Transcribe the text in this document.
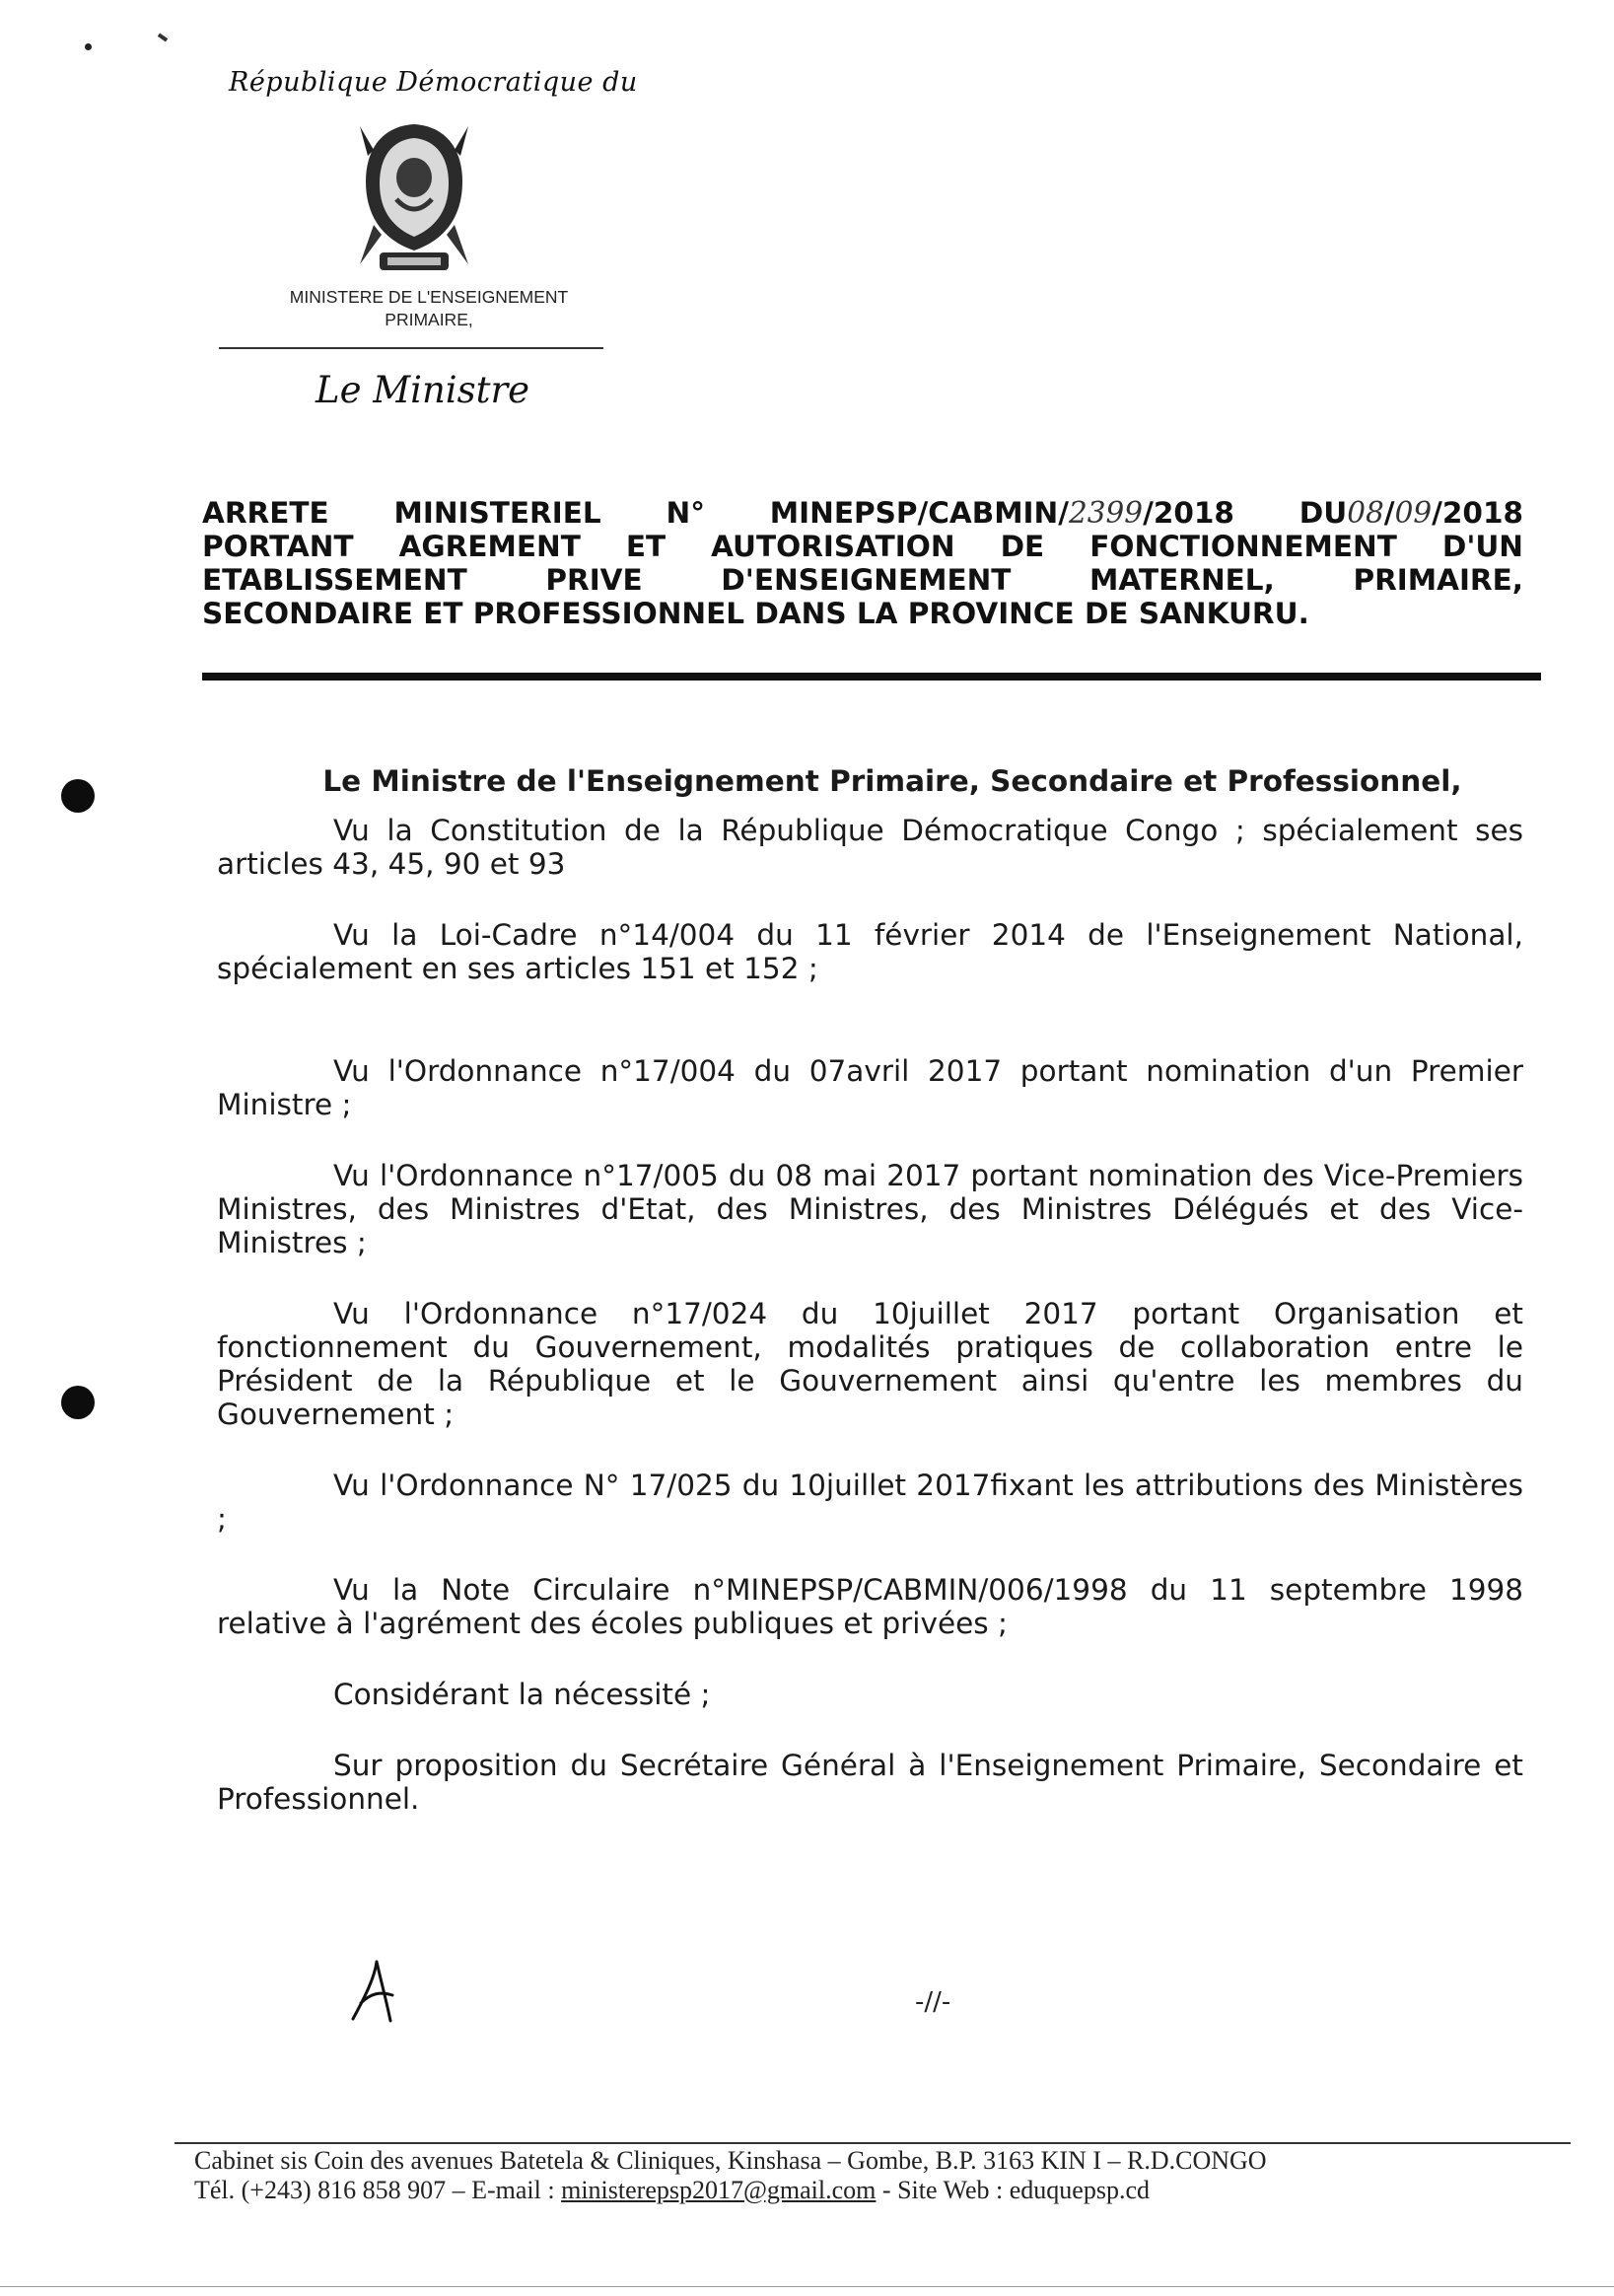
République Démocratique du
MINISTERE DE L'ENSEIGNEMENT
PRIMAIRE,
Le Ministre
ARRETE MINISTERIEL N° MINEPSP/CABMIN/2399/2018 DU08/09/2018
PORTANT AGREMENT ET AUTORISATION DE FONCTIONNEMENT D'UN
ETABLISSEMENT PRIVE D'ENSEIGNEMENT MATERNEL, PRIMAIRE,
SECONDAIRE ET PROFESSIONNEL DANS LA PROVINCE DE SANKURU.

Le Ministre de l'Enseignement Primaire, Secondaire et Professionnel,

Vu la Constitution de la République Démocratique Congo ; spécialement ses articles 43, 45, 90 et 93

Vu la Loi-Cadre n°14/004 du 11 février 2014 de l'Enseignement National, spécialement en ses articles 151 et 152 ;

Vu l'Ordonnance n°17/004 du 07avril 2017 portant nomination d'un Premier Ministre ;

Vu l'Ordonnance n°17/005 du 08 mai 2017 portant nomination des Vice-Premiers Ministres, des Ministres d'Etat, des Ministres, des Ministres Délégués et des Vice-Ministres ;

Vu l'Ordonnance n°17/024 du 10juillet 2017 portant Organisation et fonctionnement du Gouvernement, modalités pratiques de collaboration entre le Président de la République et le Gouvernement ainsi qu'entre les membres du Gouvernement ;

Vu l'Ordonnance N° 17/025 du 10juillet 2017fixant les attributions des Ministères ;

Vu la Note Circulaire n°MINEPSP/CABMIN/006/1998 du 11 septembre 1998 relative à l'agrément des écoles publiques et privées ;

Considérant la nécessité ;

Sur proposition du Secrétaire Général à l'Enseignement Primaire, Secondaire et Professionnel.

-//-
Cabinet sis Coin des avenues Batetela & Cliniques, Kinshasa – Gombe, B.P. 3163 KIN I – R.D.CONGO
Tél. (+243) 816 858 907 – E-mail : ministerepsp2017@gmail.com - Site Web : eduquepsp.cd
